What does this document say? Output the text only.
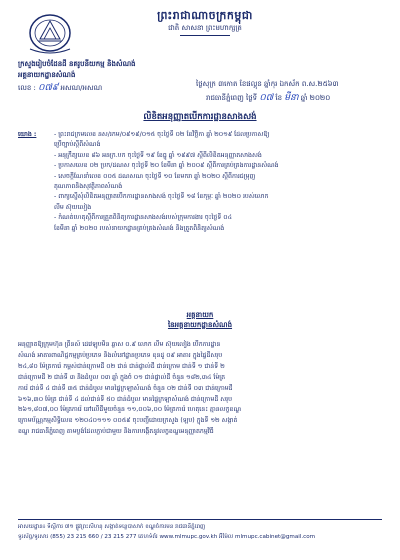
ព្រះរាជាណាចក្រកម្ពុជា
ជាតិ សាសនា ព្រះមហាក្សត្រ
ក្រសួងរៀបចំដែនដី នគរូបនីយកម្ម និងសំណង់
អគ្គនាយកដ្ឋានសំណង់
លេខ : ០៧៩ អសណ/អសណ	ថ្ងៃសុក្រ ៣កោត ខែផល្គុន ឆ្នាំកុរ ឯកស័ក ព.ស.២៥៦៣
រាជធានីភ្នំពេញ ថ្ងៃទី ០៧ ខែ មីនា ឆ្នាំ ២០២០
លិខិតអនុញ្ញាតបើកការដ្ឋានសាងសង់
យោង :	- ព្រះរាជក្រមលេខ នស/រកម/០៩១៩/០១៥ ចុះថ្ងៃទី ០២ ខែវិច្ឆិកា ឆ្នាំ ២០១៩ ដែលប្រកាសឱ្យ
ប្រើច្បាប់ស្តីពីសំណង់
- អនុក្រឹត្យលេខ ៨៦ អនក្រ.បក ចុះថ្ងៃទី ១៩ ខែធ្នូ ឆ្នាំ ១៩៩៧ ស្តីពីលិខិតអនុញ្ញាតសាងសង់
- ប្រកាសលេខ ០២ ប្រក/ដណស ចុះថ្ងៃទី ២០ ខែមីនា ឆ្នាំ ២០០៩ ស្តីពីការគ្រប់គ្រងការដ្ឋានសំណង់
- សេចក្តីណែនាំលេខ ០០៥ ដណសណ ចុះថ្ងៃទី ១០ ខែមករា ឆ្នាំ ២០២០ ស្តីពីការជម្រុញ
គុណភាពនិងសុវត្ថិភាពសំណង់
- ពាក្យស្នើសុំលិខិតអនុញ្ញាតបើកការដ្ឋានសាងសង់ ចុះថ្ងៃទី ១៨ ខែកុម្ភៈ ឆ្នាំ ២០២០ របស់លោក
លីម ស៊ុយលៀង
- កំណត់ហេតុស្តីពីការត្រួតពិនិត្យការដ្ឋានសាងសង់របស់ក្រុមការងារ ចុះថ្ងៃទី ០៤
ខែមីនា ឆ្នាំ ២០២០ របស់នាយកដ្ឋានគ្រប់គ្រងសំណង់ និងត្រួតពិនិត្យសំណង់
អគ្គនាយក
នៃអគ្គនាយកដ្ឋានសំណង់
អនុញ្ញាតឱ្យក្រុមហ៊ុន ព្រីនស៍ ដេវេឡុបមិន ឆ្លាស ០.៩ លោក លីម ស៊ុយលៀង បើកការដ្ឋាន
សំណង់ អាគារពាណិជ្ជកម្មគ្រប់ប្រភេទ និងលំនៅដ្ឋានប្រភេទ ខុនដូ ០៩ អាគារ ក្នុងផ្ទៃដីសរុប
២៤,៨០ ម៉ែត្រការ៉េ កម្ពស់ជាន់ក្រោមដី ០២ ជាន់ ជាន់ផ្ទាល់ដី ជាន់ក្រោម ជាន់ទី ១ ជាន់ទី ២
ជាន់ក្រោមដី ២ ជាន់ទី ៣ និងដំបូល ០៣ ឆ្នាំ ក្នុងចំ ០១ ជាន់ផ្ទាល់ដី ចំនួន ១៨២,៣៤ ម៉ែត្រ
ការ៉េ ជាន់ទី ៤ ជាន់ទី ៣៥ ជាន់ដំបូល មានផ្ទៃក្រឡាសំណង់ ចំនួន ០២ ជាន់ទី ០៣ ជាន់ក្រោមដី
៦១៦,៣០ ម៉ែត្រ ជាន់ទី ៤ ដល់ជាន់ទី ៥០ ជាន់ដំបូល មានផ្ទៃក្រឡាសំណង់ ជាន់ក្រោមដី សរុប
២៦១,៨០៧,០០ ម៉ែត្រការ៉េ នៅលើដីមួយចំនួន ១១,០០៦,០០ ម៉ែត្រការ៉េ ហេតុនេះ គ្មានលក្ខខណ្ឌ
ក្រោមប័ណ្ណកម្មសិទ្ធិលេខ ១២០៤០១១១ ០០៥៩ ចុះបញ្ជីដោយក្រសួង (ឡប) ក្នុងទី ១២ សង្កាត់
ខណ្ឌ រាជធានីភ្នំពេញ តាមប្លង់ដែលភ្ជាប់ជាមួយ និងការបង្កើតនូវលក្ខខណ្ឌអនុញ្ញាតកម្មវិធី
អាសយដ្ឋាន៖ ទីស្តីការ ៧១ ផ្លូវព្រះសីហនុ សង្កាត់ទន្លេបាសាក់ ខណ្ឌចំការមន រាជធានីភ្នំពេញ
ទូរស័ព្ទ/ទូរសារ (855) 23 215 660 / 23 215 277 គេហទំព័រ www.mlmupc.gov.kh អ៊ីម៉ែល mlmupc.cabinet@gmail.com
